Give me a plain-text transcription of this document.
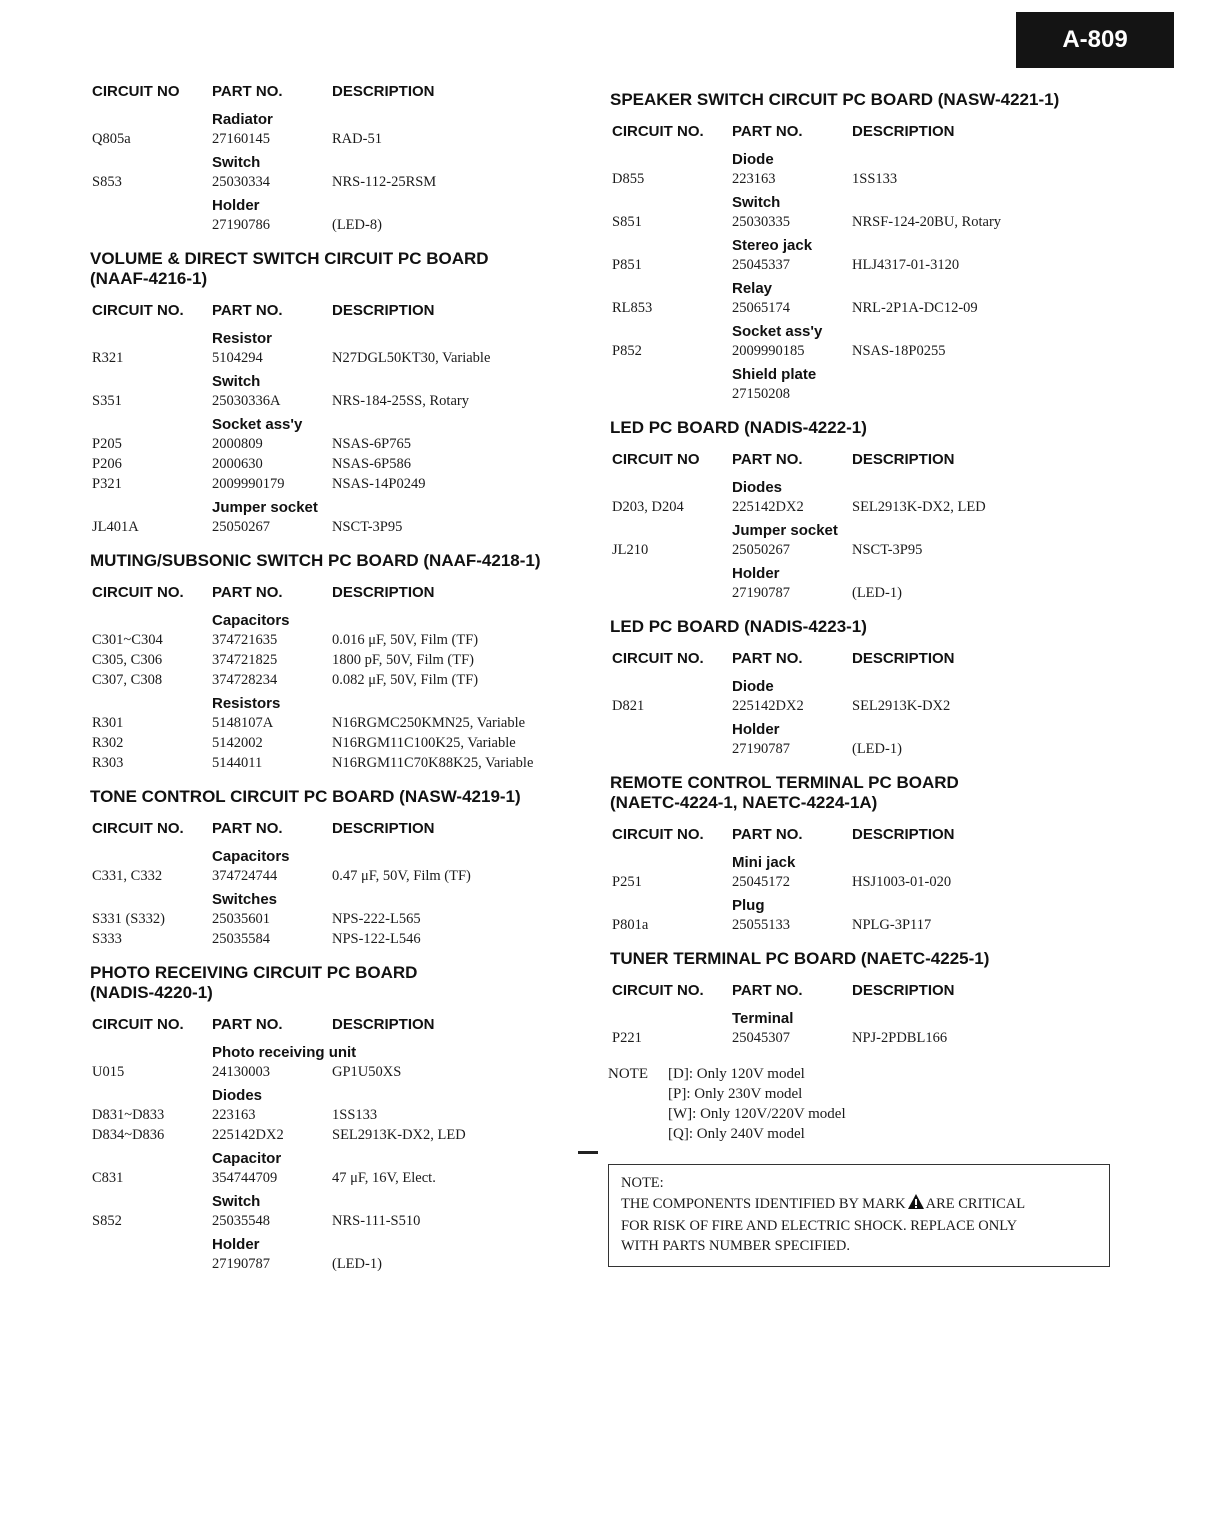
A-809
CIRCUIT NO	PART NO.	DESCRIPTION
Radiator
Q805a	27160145	RAD-51
Switch
S853	25030334	NRS-112-25RSM
Holder
27190786	(LED-8)
VOLUME & DIRECT SWITCH CIRCUIT PC BOARD
(NAAF-4216-1)
CIRCUIT NO.	PART NO.	DESCRIPTION
Resistor
R321	5104294	N27DGL50KT30, Variable
Switch
S351	25030336A	NRS-184-25SS, Rotary
Socket ass'y
P205	2000809	NSAS-6P765
P206	2000630	NSAS-6P586
P321	2009990179	NSAS-14P0249
Jumper socket
JL401A	25050267	NSCT-3P95
MUTING/SUBSONIC SWITCH PC BOARD (NAAF-4218-1)
CIRCUIT NO.	PART NO.	DESCRIPTION
Capacitors
C301~C304	374721635	0.016 μF, 50V, Film (TF)
C305, C306	374721825	1800 pF, 50V, Film (TF)
C307, C308	374728234	0.082 μF, 50V, Film (TF)
Resistors
R301	5148107A	N16RGMC250KMN25, Variable
R302	5142002	N16RGM11C100K25, Variable
R303	5144011	N16RGM11C70K88K25, Variable
TONE CONTROL CIRCUIT PC BOARD (NASW-4219-1)
CIRCUIT NO.	PART NO.	DESCRIPTION
Capacitors
C331, C332	374724744	0.47 μF, 50V, Film (TF)
Switches
S331 (S332)	25035601	NPS-222-L565
S333	25035584	NPS-122-L546
PHOTO RECEIVING CIRCUIT PC BOARD
(NADIS-4220-1)
CIRCUIT NO.	PART NO.	DESCRIPTION
Photo receiving unit
U015	24130003	GP1U50XS
Diodes
D831~D833	223163	1SS133
D834~D836	225142DX2	SEL2913K-DX2, LED
Capacitor
C831	354744709	47 μF, 16V, Elect.
Switch
S852	25035548	NRS-111-S510
Holder
27190787	(LED-1)
SPEAKER SWITCH CIRCUIT PC BOARD (NASW-4221-1)
CIRCUIT NO.	PART NO.	DESCRIPTION
Diode
D855	223163	1SS133
Switch
S851	25030335	NRSF-124-20BU, Rotary
Stereo jack
P851	25045337	HLJ4317-01-3120
Relay
RL853	25065174	NRL-2P1A-DC12-09
Socket ass'y
P852	2009990185	NSAS-18P0255
Shield plate
27150208
LED PC BOARD (NADIS-4222-1)
CIRCUIT NO	PART NO.	DESCRIPTION
Diodes
D203, D204	225142DX2	SEL2913K-DX2, LED
Jumper socket
JL210	25050267	NSCT-3P95
Holder
27190787	(LED-1)
LED PC BOARD (NADIS-4223-1)
CIRCUIT NO.	PART NO.	DESCRIPTION
Diode
D821	225142DX2	SEL2913K-DX2
Holder
27190787	(LED-1)
REMOTE CONTROL TERMINAL PC BOARD
(NAETC-4224-1, NAETC-4224-1A)
CIRCUIT NO.	PART NO.	DESCRIPTION
Mini jack
P251	25045172	HSJ1003-01-020
Plug
P801a	25055133	NPLG-3P117
TUNER TERMINAL PC BOARD (NAETC-4225-1)
CIRCUIT NO.	PART NO.	DESCRIPTION
Terminal
P221	25045307	NPJ-2PDBL166
NOTE	[D]: Only 120V model
[P]: Only 230V model
[W]: Only 120V/220V model
[Q]: Only 240V model
NOTE:
THE COMPONENTS IDENTIFIED BY MARK ARE CRITICAL
FOR RISK OF FIRE AND ELECTRIC SHOCK. REPLACE ONLY
WITH PARTS NUMBER SPECIFIED.
